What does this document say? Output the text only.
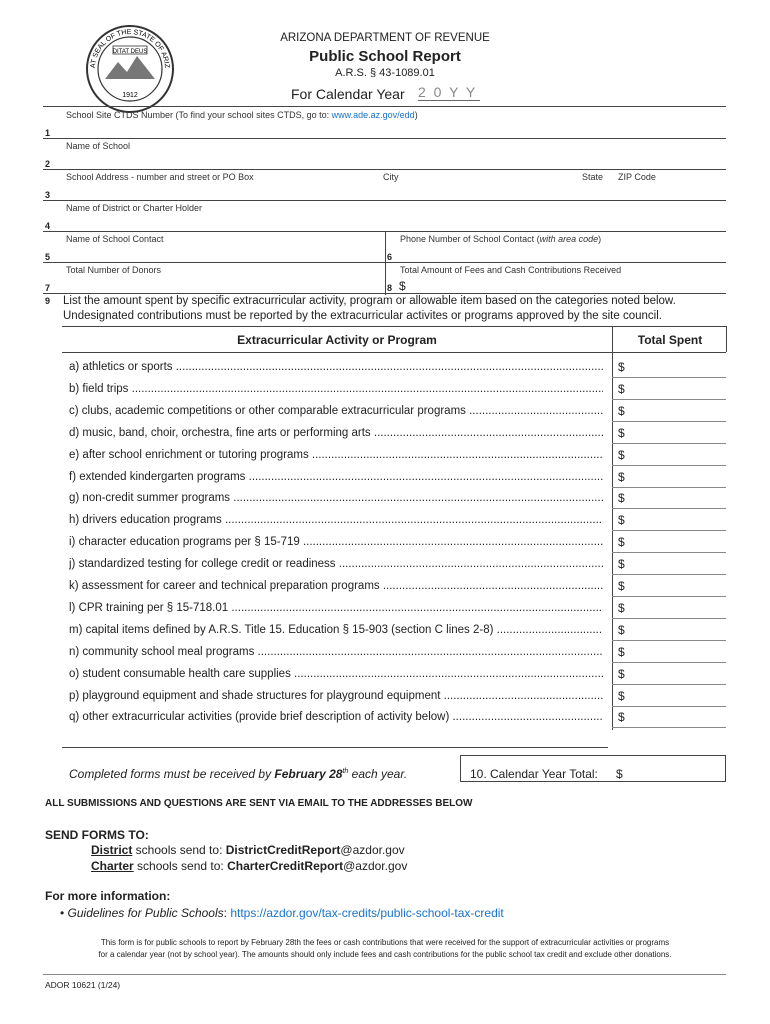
DITAT DEUS
1912
AT SEAL OF THE STATE OF ARIZ
ARIZONA DEPARTMENT OF REVENUE
Public School Report
A.R.S. § 43-1089.01
For Calendar Year 2 0 Y Y
School Site CTDS Number (To find your school sites CTDS, go to: www.ade.az.gov/edd)
1
Name of School
2
School Address - number and street or PO Box	City	State ZIP Code
3
Name of District or Charter Holder
4
Name of School Contact	Phone Number of School Contact (with area code)
5	6
Total Number of Donors	Total Amount of Fees and Cash Contributions Received
7	8 $
9 List the amount spent by specific extracurricular activity, program or allowable item based on the categories noted below.
Undesignated contributions must be reported by the extracurricular activites or programs approved by the site council.
Extracurricular Activity or Program	Total Spent
a) athletics or sports .....	$
b) field trips .....	$
c) clubs, academic competitions or other comparable extracurricular programs .....	$
d) music, band, choir, orchestra, fine arts or performing arts .....	$
e) after school enrichment or tutoring programs .....	$
f) extended kindergarten programs .....	$
g) non-credit summer programs .....	$
h) drivers education programs .....	$
i) character education programs per § 15-719 .....	$
j) standardized testing for college credit or readiness .....	$
k) assessment for career and technical preparation programs .....	$
l) CPR training per § 15-718.01 .....	$
m) capital items defined by A.R.S. Title 15. Education § 15-903 (section C lines 2-8) .....	$
n) community school meal programs .....	$
o) student consumable health care supplies .....	$
p) playground equipment and shade structures for playground equipment .....	$
q) other extracurricular activities (provide brief description of activity below) .....	$
Completed forms must be received by February 28th each year.	10. Calendar Year Total: $
ALL SUBMISSIONS AND QUESTIONS ARE SENT VIA EMAIL TO THE ADDRESSES BELOW
SEND FORMS TO:
District schools send to: DistrictCreditReport@azdor.gov
Charter schools send to: CharterCreditReport@azdor.gov
For more information:
• Guidelines for Public Schools: https://azdor.gov/tax-credits/public-school-tax-credit
This form is for public schools to report by February 28th the fees or cash contributions that were received for the support of extracurricular activities or programs
for a calendar year (not by school year). The amounts should only include fees and cash contributions for the public school tax credit and exclude other donations.
ADOR 10621 (1/24)
